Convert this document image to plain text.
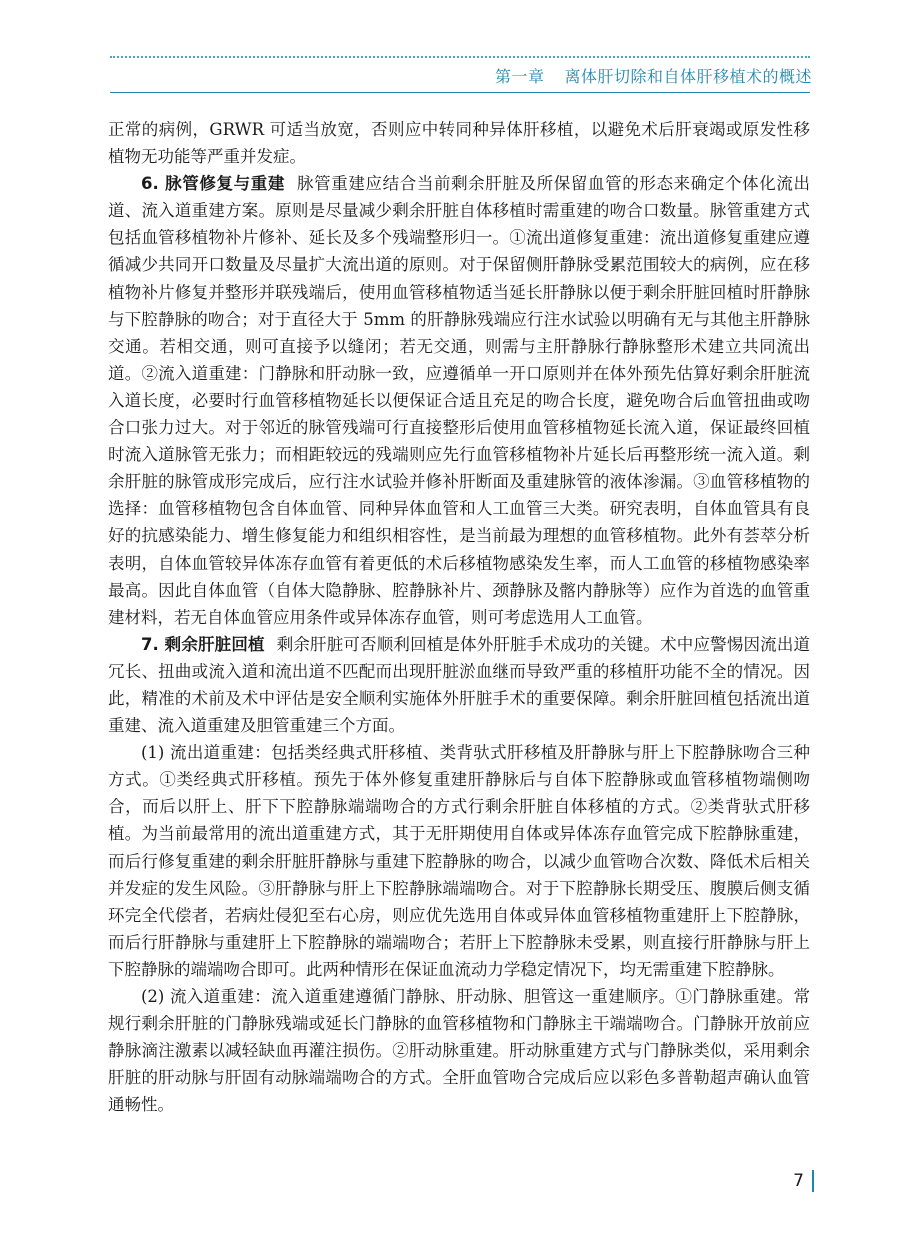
第一章 离体肝切除和自体肝移植术的概述

正常的病例，GRWR 可适当放宽，否则应中转同种异体肝移植，以避免术后肝衰竭或原发性移植物无功能等严重并发症。

6. 脉管修复与重建 脉管重建应结合当前剩余肝脏及所保留血管的形态来确定个体化流出道、流入道重建方案。原则是尽量减少剩余肝脏自体移植时需重建的吻合口数量。脉管重建方式包括血管移植物补片修补、延长及多个残端整形归一。①流出道修复重建：流出道修复重建应遵循减少共同开口数量及尽量扩大流出道的原则。对于保留侧肝静脉受累范围较大的病例，应在移植物补片修复并整形并联残端后，使用血管移植物适当延长肝静脉以便于剩余肝脏回植时肝静脉与下腔静脉的吻合；对于直径大于 5mm 的肝静脉残端应行注水试验以明确有无与其他主肝静脉交通。若相交通，则可直接予以缝闭；若无交通，则需与主肝静脉行静脉整形术建立共同流出道。②流入道重建：门静脉和肝动脉一致，应遵循单一开口原则并在体外预先估算好剩余肝脏流入道长度，必要时行血管移植物延长以便保证合适且充足的吻合长度，避免吻合后血管扭曲或吻合口张力过大。对于邻近的脉管残端可行直接整形后使用血管移植物延长流入道，保证最终回植时流入道脉管无张力；而相距较远的残端则应先行血管移植物补片延长后再整形统一流入道。剩余肝脏的脉管成形完成后，应行注水试验并修补肝断面及重建脉管的液体渗漏。③血管移植物的选择：血管移植物包含自体血管、同种异体血管和人工血管三大类。研究表明，自体血管具有良好的抗感染能力、增生修复能力和组织相容性，是当前最为理想的血管移植物。此外有荟萃分析表明，自体血管较异体冻存血管有着更低的术后移植物感染发生率，而人工血管的移植物感染率最高。因此自体血管（自体大隐静脉、腔静脉补片、颈静脉及髂内静脉等）应作为首选的血管重建材料，若无自体血管应用条件或异体冻存血管，则可考虑选用人工血管。

7. 剩余肝脏回植 剩余肝脏可否顺利回植是体外肝脏手术成功的关键。术中应警惕因流出道冗长、扭曲或流入道和流出道不匹配而出现肝脏淤血继而导致严重的移植肝功能不全的情况。因此，精准的术前及术中评估是安全顺利实施体外肝脏手术的重要保障。剩余肝脏回植包括流出道重建、流入道重建及胆管重建三个方面。

(1) 流出道重建：包括类经典式肝移植、类背驮式肝移植及肝静脉与肝上下腔静脉吻合三种方式。①类经典式肝移植。预先于体外修复重建肝静脉后与自体下腔静脉或血管移植物端侧吻合，而后以肝上、肝下下腔静脉端端吻合的方式行剩余肝脏自体移植的方式。②类背驮式肝移植。为当前最常用的流出道重建方式，其于无肝期使用自体或异体冻存血管完成下腔静脉重建，而后行修复重建的剩余肝脏肝静脉与重建下腔静脉的吻合，以减少血管吻合次数、降低术后相关并发症的发生风险。③肝静脉与肝上下腔静脉端端吻合。对于下腔静脉长期受压、腹膜后侧支循环完全代偿者，若病灶侵犯至右心房，则应优先选用自体或异体血管移植物重建肝上下腔静脉，而后行肝静脉与重建肝上下腔静脉的端端吻合；若肝上下腔静脉未受累，则直接行肝静脉与肝上下腔静脉的端端吻合即可。此两种情形在保证血流动力学稳定情况下，均无需重建下腔静脉。

(2) 流入道重建：流入道重建遵循门静脉、肝动脉、胆管这一重建顺序。①门静脉重建。常规行剩余肝脏的门静脉残端或延长门静脉的血管移植物和门静脉主干端端吻合。门静脉开放前应静脉滴注激素以减轻缺血再灌注损伤。②肝动脉重建。肝动脉重建方式与门静脉类似，采用剩余肝脏的肝动脉与肝固有动脉端端吻合的方式。全肝血管吻合完成后应以彩色多普勒超声确认血管通畅性。

7
